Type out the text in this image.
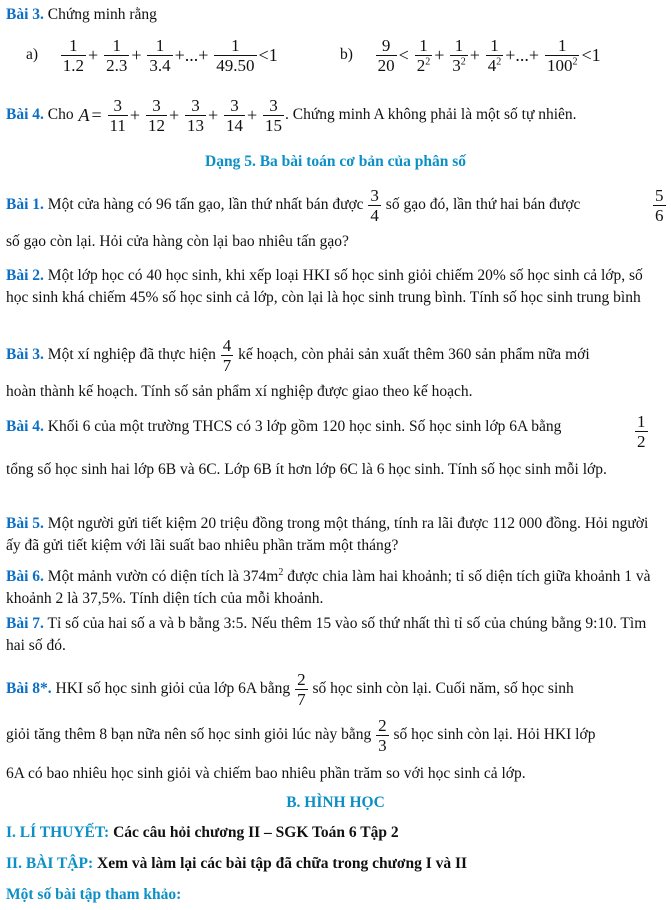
Bài 3. Chứng minh rằng
$a) \frac{1}{1.2} + \frac{1}{2.3} + \frac{1}{3.4}$ +...+ $\frac{1}{49.50} <1$	$b) \frac{9}{20} < \frac{1}{2^2} + \frac{1}{3^2} + \frac{1}{4^2}$ +...+ $\frac{1}{100^2} <1$
Bài 4. Cho $A = \frac{3}{11} + \frac{3}{12} + \frac{3}{13} + \frac{3}{14} + \frac{3}{15}$ . Chứng minh A không phải là một số tự nhiên.
Dạng 5. Ba bài toán cơ bản của phân số
Bài 1. Một cửa hàng có 96 tấn gạo, lần thứ nhất bán được $\frac{3}{4}$ số gạo đó, lần thứ hai bán được	$\frac{5}{6}$
số gạo còn lại. Hỏi cửa hàng còn lại bao nhiêu tấn gạo?
Bài 2. Một lớp học có 40 học sinh, khi xếp loại HKI số học sinh giỏi chiếm 20% số học sinh cả lớp, số học sinh khá chiếm 45% số học sinh cả lớp, còn lại là học sinh trung bình. Tính số học sinh trung bình
Bài 3. Một xí nghiệp đã thực hiện $\frac{4}{7}$ kế hoạch, còn phải sản xuất thêm 360 sản phẩm nữa mới
hoàn thành kế hoạch. Tính số sản phẩm xí nghiệp được giao theo kế hoạch.
Bài 4. Khối 6 của một trường THCS có 3 lớp gồm 120 học sinh. Số học sinh lớp 6A bằng	$\frac{1}{2}$
tổng số học sinh hai lớp 6B và 6C. Lớp 6B ít hơn lớp 6C là 6 học sinh. Tính số học sinh mỗi lớp.
Bài 5. Một người gửi tiết kiệm 20 triệu đồng trong một tháng, tính ra lãi được 112 000 đồng. Hỏi người ấy đã gửi tiết kiệm với lãi suất bao nhiêu phần trăm một tháng?
Bài 6. Một mảnh vườn có diện tích là $374m^2$ được chia làm hai khoảnh; tỉ số diện tích giữa khoảnh 1 và khoảnh 2 là 37,5%. Tính diện tích của mỗi khoảnh.
Bài 7. Tỉ số của hai số a và b bằng 3:5. Nếu thêm 15 vào số thứ nhất thì tỉ số của chúng bằng 9:10. Tìm hai số đó.
Bài 8*. HKI số học sinh giỏi của lớp 6A bằng $\frac{2}{7}$ số học sinh còn lại. Cuối năm, số học sinh
giỏi tăng thêm 8 bạn nữa nên số học sinh giỏi lúc này bằng $\frac{2}{3}$ số học sinh còn lại. Hỏi HKI lớp
6A có bao nhiêu học sinh giỏi và chiếm bao nhiêu phần trăm so với học sinh cả lớp.
B. HÌNH HỌC
I. LÍ THUYẾT: Các câu hỏi chương II – SGK Toán 6 Tập 2
II. BÀI TẬP: Xem và làm lại các bài tập đã chữa trong chương I và II
Một số bài tập tham khảo:
